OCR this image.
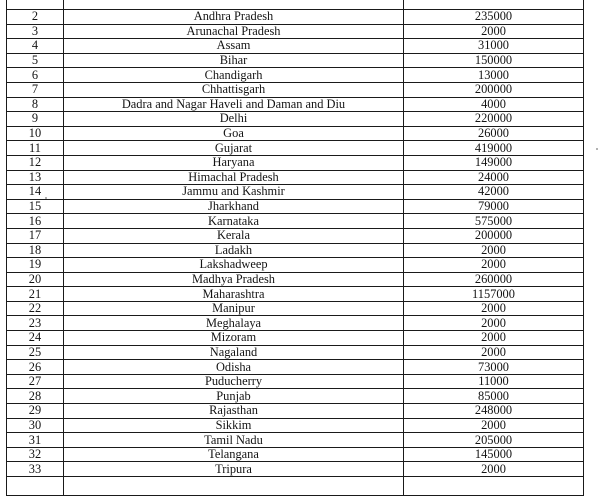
2	Andhra Pradesh	235000
3	Arunachal Pradesh	2000
4	Assam	31000
5	Bihar	150000
6	Chandigarh	13000
7	Chhattisgarh	200000
8	Dadra and Nagar Haveli and Daman and Diu	4000
9	Delhi	220000
10	Goa	26000
11	Gujarat	419000
12	Haryana	149000
13	Himachal Pradesh	24000
14	Jammu and Kashmir	42000
15	Jharkhand	79000
16	Karnataka	575000
17	Kerala	200000
18	Ladakh	2000
19	Lakshadweep	2000
20	Madhya Pradesh	260000
21	Maharashtra	1157000
22	Manipur	2000
23	Meghalaya	2000
24	Mizoram	2000
25	Nagaland	2000
26	Odisha	73000
27	Puducherry	11000
28	Punjab	85000
29	Rajasthan	248000
30	Sikkim	2000
31	Tamil Nadu	205000
32	Telangana	145000
33	Tripura	2000
